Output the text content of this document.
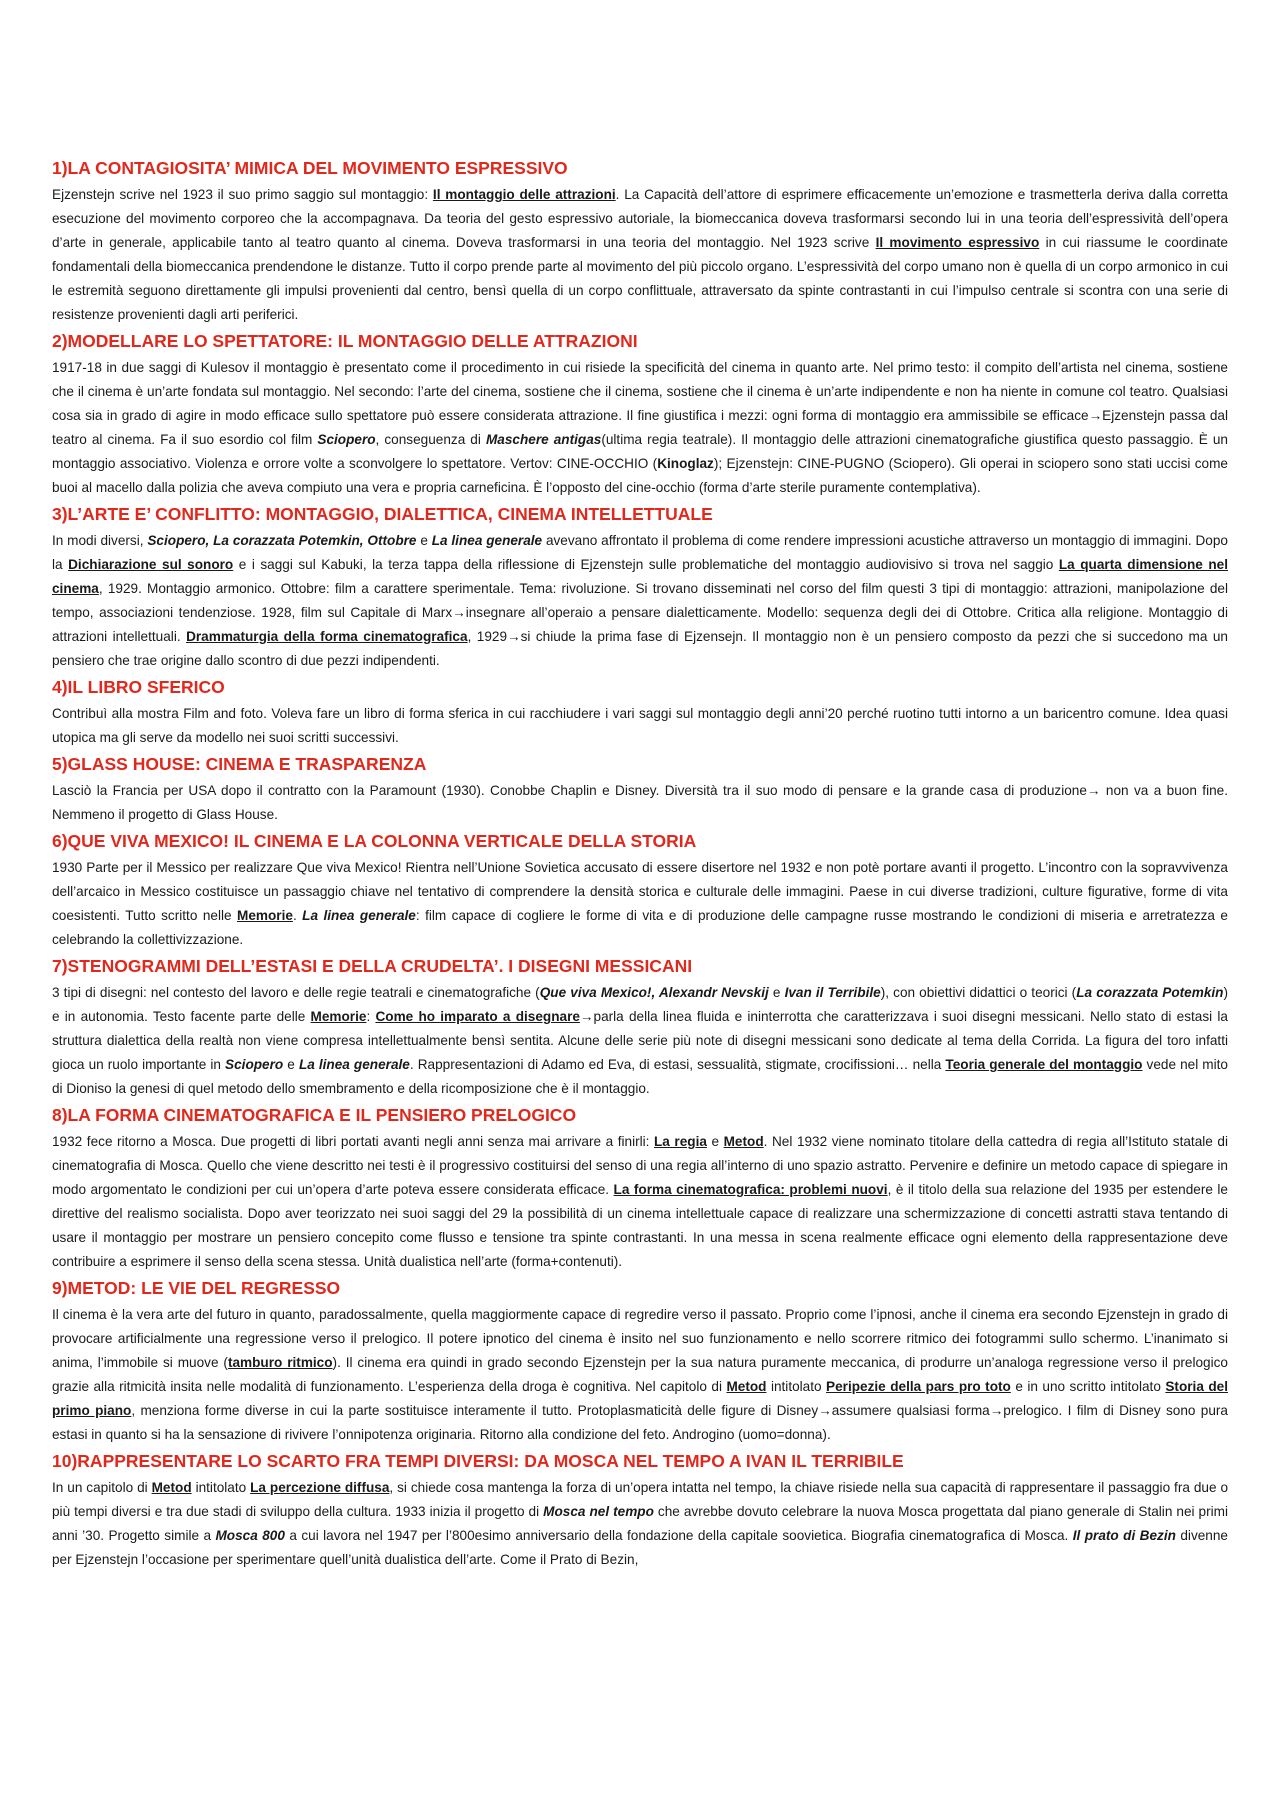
1)LA CONTAGIOSITA’ MIMICA DEL MOVIMENTO ESPRESSIVO
Ejzenstejn scrive nel 1923 il suo primo saggio sul montaggio: Il montaggio delle attrazioni. La Capacità dell’attore di esprimere efficacemente un’emozione e trasmetterla deriva dalla corretta esecuzione del movimento corporeo che la accompagnava. Da teoria del gesto espressivo autoriale, la biomeccanica doveva trasformarsi secondo lui in una teoria dell’espressività dell’opera d’arte in generale, applicabile tanto al teatro quanto al cinema. Doveva trasformarsi in una teoria del montaggio. Nel 1923 scrive Il movimento espressivo in cui riassume le coordinate fondamentali della biomeccanica prendendone le distanze. Tutto il corpo prende parte al movimento del più piccolo organo. L’espressività del corpo umano non è quella di un corpo armonico in cui le estremità seguono direttamente gli impulsi provenienti dal centro, bensì quella di un corpo conflittuale, attraversato da spinte contrastanti in cui l’impulso centrale si scontra con una serie di resistenze provenienti dagli arti periferici.
2)MODELLARE LO SPETTATORE: IL MONTAGGIO DELLE ATTRAZIONI
1917-18 in due saggi di Kulesov il montaggio è presentato come il procedimento in cui risiede la specificità del cinema in quanto arte. Nel primo testo: il compito dell’artista nel cinema, sostiene che il cinema è un’arte fondata sul montaggio. Nel secondo: l’arte del cinema, sostiene che il cinema, sostiene che il cinema è un’arte indipendente e non ha niente in comune col teatro. Qualsiasi cosa sia in grado di agire in modo efficace sullo spettatore può essere considerata attrazione. Il fine giustifica i mezzi: ogni forma di montaggio era ammissibile se efficace→Ejzenstejn passa dal teatro al cinema. Fa il suo esordio col film Sciopero, conseguenza di Maschere antigas(ultima regia teatrale). Il montaggio delle attrazioni cinematografiche giustifica questo passaggio. È un montaggio associativo. Violenza e orrore volte a sconvolgere lo spettatore. Vertov: CINE-OCCHIO (Kinoglaz); Ejzenstejn: CINE-PUGNO (Sciopero). Gli operai in sciopero sono stati uccisi come buoi al macello dalla polizia che aveva compiuto una vera e propria carneficina. È l’opposto del cine-occhio (forma d’arte sterile puramente contemplativa).
3)L’ARTE E’ CONFLITTO: MONTAGGIO, DIALETTICA, CINEMA INTELLETTUALE
In modi diversi, Sciopero, La corazzata Potemkin, Ottobre e La linea generale avevano affrontato il problema di come rendere impressioni acustiche attraverso un montaggio di immagini. Dopo la Dichiarazione sul sonoro e i saggi sul Kabuki, la terza tappa della riflessione di Ejzenstejn sulle problematiche del montaggio audiovisivo si trova nel saggio La quarta dimensione nel cinema, 1929. Montaggio armonico. Ottobre: film a carattere sperimentale. Tema: rivoluzione. Si trovano disseminati nel corso del film questi 3 tipi di montaggio: attrazioni, manipolazione del tempo, associazioni tendenziose. 1928, film sul Capitale di Marx→insegnare all’operaio a pensare dialetticamente. Modello: sequenza degli dei di Ottobre. Critica alla religione. Montaggio di attrazioni intellettuali. Drammaturgia della forma cinematografica, 1929→si chiude la prima fase di Ejzensejn. Il montaggio non è un pensiero composto da pezzi che si succedono ma un pensiero che trae origine dallo scontro di due pezzi indipendenti.
4)IL LIBRO SFERICO
Contribuì alla mostra Film and foto. Voleva fare un libro di forma sferica in cui racchiudere i vari saggi sul montaggio degli anni’20 perché ruotino tutti intorno a un baricentro comune. Idea quasi utopica ma gli serve da modello nei suoi scritti successivi.
5)GLASS HOUSE: CINEMA E TRASPARENZA
Lasciò la Francia per USA dopo il contratto con la Paramount (1930). Conobbe Chaplin e Disney. Diversità tra il suo modo di pensare e la grande casa di produzione→ non va a buon fine. Nemmeno il progetto di Glass House.
6)QUE VIVA MEXICO! IL CINEMA E LA COLONNA VERTICALE DELLA STORIA
1930 Parte per il Messico per realizzare Que viva Mexico! Rientra nell’Unione Sovietica accusato di essere disertore nel 1932 e non potè portare avanti il progetto. L’incontro con la sopravvivenza dell’arcaico in Messico costituisce un passaggio chiave nel tentativo di comprendere la densità storica e culturale delle immagini. Paese in cui diverse tradizioni, culture figurative, forme di vita coesistenti. Tutto scritto nelle Memorie. La linea generale: film capace di cogliere le forme di vita e di produzione delle campagne russe mostrando le condizioni di miseria e arretratezza e celebrando la collettivizzazione.
7)STENOGRAMMI DELL’ESTASI E DELLA CRUDELTA’. I DISEGNI MESSICANI
3 tipi di disegni: nel contesto del lavoro e delle regie teatrali e cinematografiche (Que viva Mexico!, Alexandr Nevskij e Ivan il Terribile), con obiettivi didattici o teorici (La corazzata Potemkin) e in autonomia. Testo facente parte delle Memorie: Come ho imparato a disegnare→parla della linea fluida e ininterrotta che caratterizzava i suoi disegni messicani. Nello stato di estasi la struttura dialettica della realtà non viene compresa intellettualmente bensì sentita. Alcune delle serie più note di disegni messicani sono dedicate al tema della Corrida. La figura del toro infatti gioca un ruolo importante in Sciopero e La linea generale. Rappresentazioni di Adamo ed Eva, di estasi, sessualità, stigmate, crocifissioni… nella Teoria generale del montaggio vede nel mito di Dioniso la genesi di quel metodo dello smembramento e della ricomposizione che è il montaggio.
8)LA FORMA CINEMATOGRAFICA E IL PENSIERO PRELOGICO
1932 fece ritorno a Mosca. Due progetti di libri portati avanti negli anni senza mai arrivare a finirli: La regia e Metod. Nel 1932 viene nominato titolare della cattedra di regia all’Istituto statale di cinematografia di Mosca. Quello che viene descritto nei testi è il progressivo costituirsi del senso di una regia all’interno di uno spazio astratto. Pervenire e definire un metodo capace di spiegare in modo argomentato le condizioni per cui un’opera d’arte poteva essere considerata efficace. La forma cinematografica: problemi nuovi, è il titolo della sua relazione del 1935 per estendere le direttive del realismo socialista. Dopo aver teorizzato nei suoi saggi del 29 la possibilità di un cinema intellettuale capace di realizzare una schermizzazione di concetti astratti stava tentando di usare il montaggio per mostrare un pensiero concepito come flusso e tensione tra spinte contrastanti. In una messa in scena realmente efficace ogni elemento della rappresentazione deve contribuire a esprimere il senso della scena stessa. Unità dualistica nell’arte (forma+contenuti).
9)METOD: LE VIE DEL REGRESSO
Il cinema è la vera arte del futuro in quanto, paradossalmente, quella maggiormente capace di regredire verso il passato. Proprio come l’ipnosi, anche il cinema era secondo Ejzenstejn in grado di provocare artificialmente una regressione verso il prelogico. Il potere ipnotico del cinema è insito nel suo funzionamento e nello scorrere ritmico dei fotogrammi sullo schermo. L’inanimato si anima, l’immobile si muove (tamburo ritmico). Il cinema era quindi in grado secondo Ejzenstejn per la sua natura puramente meccanica, di produrre un’analoga regressione verso il prelogico grazie alla ritmicità insita nelle modalità di funzionamento. L’esperienza della droga è cognitiva. Nel capitolo di Metod intitolato Peripezie della pars pro toto e in uno scritto intitolato Storia del primo piano, menziona forme diverse in cui la parte sostituisce interamente il tutto. Protoplasmaticità delle figure di Disney→assumere qualsiasi forma→prelogico. I film di Disney sono pura estasi in quanto si ha la sensazione di rivivere l’onnipotenza originaria. Ritorno alla condizione del feto. Androgino (uomo=donna).
10)RAPPRESENTARE LO SCARTO FRA TEMPI DIVERSI: DA MOSCA NEL TEMPO A IVAN IL TERRIBILE
In un capitolo di Metod intitolato La percezione diffusa, si chiede cosa mantenga la forza di un’opera intatta nel tempo, la chiave risiede nella sua capacità di rappresentare il passaggio fra due o più tempi diversi e tra due stadi di sviluppo della cultura. 1933 inizia il progetto di Mosca nel tempo che avrebbe dovuto celebrare la nuova Mosca progettata dal piano generale di Stalin nei primi anni ’30. Progetto simile a Mosca 800 a cui lavora nel 1947 per l’800esimo anniversario della fondazione della capitale soovietica. Biografia cinematografica di Mosca. Il prato di Bezin divenne per Ejzenstejn l’occasione per sperimentare quell’unità dualistica dell’arte. Come il Prato di Bezin,
